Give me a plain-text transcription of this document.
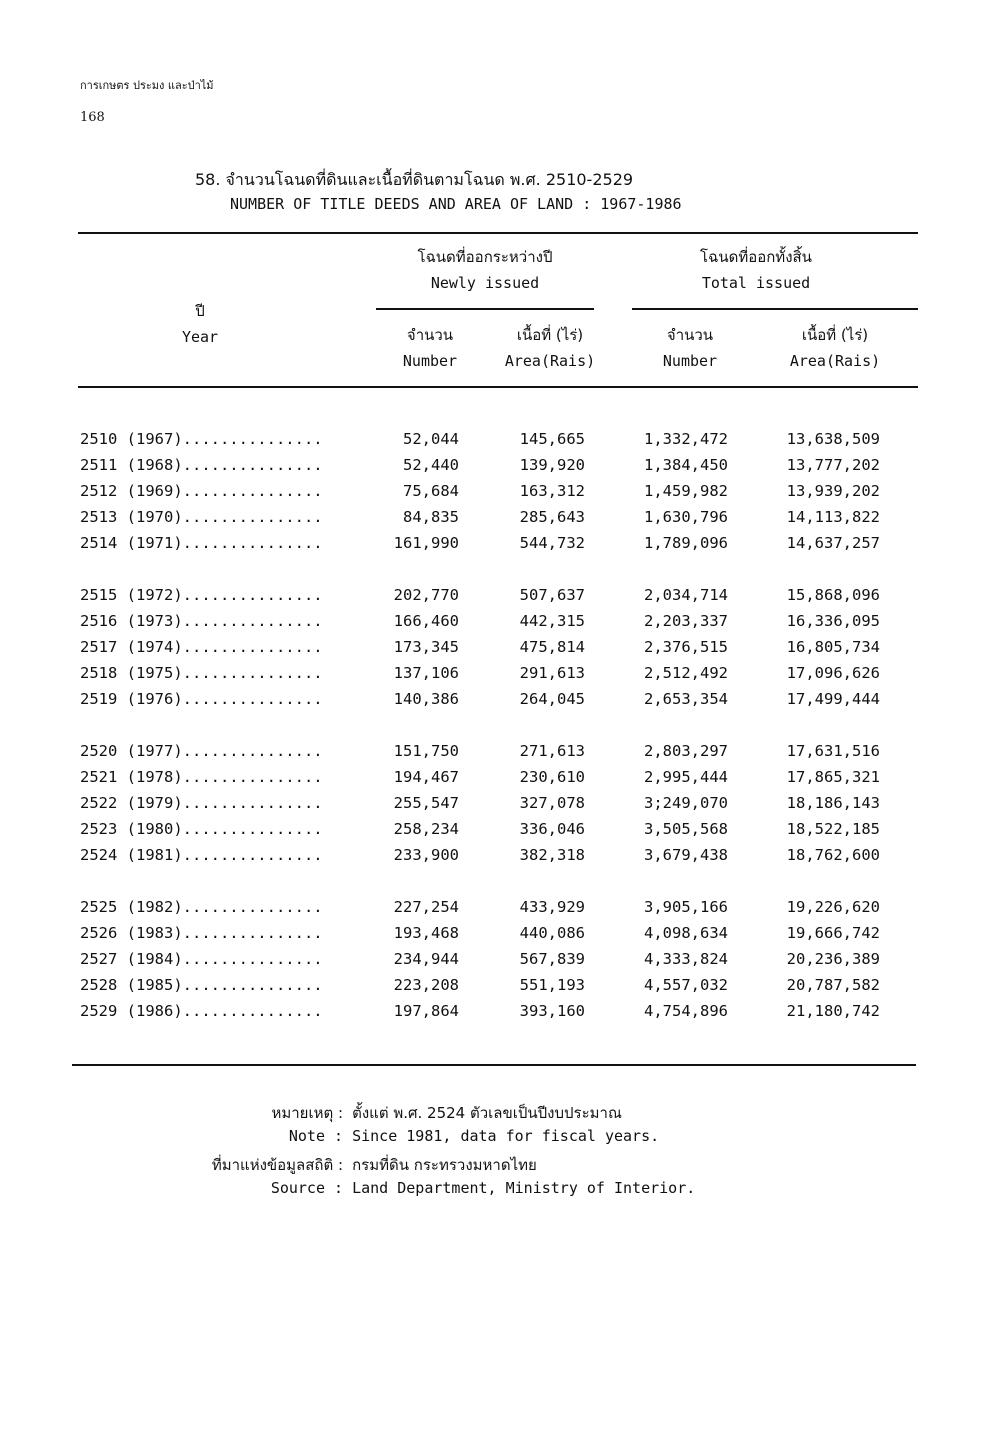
การเกษตร ประมง และป่าไม้
168
58. จำนวนโฉนดที่ดินและเนื้อที่ดินตามโฉนด พ.ศ. 2510-2529
NUMBER OF TITLE DEEDS AND AREA OF LAND : 1967-1986
ปี
Year
โฉนดที่ออกระหว่างปี
Newly issued
โฉนดที่ออกทั้งสิ้น
Total issued
จำนวน
Number
เนื้อที่ (ไร่)
Area(Rais)
จำนวน
Number
เนื้อที่ (ไร่)
Area(Rais)
2510 (1967)...............	52,044	145,665	1,332,472	13,638,509
2511 (1968)...............	52,440	139,920	1,384,450	13,777,202
2512 (1969)...............	75,684	163,312	1,459,982	13,939,202
2513 (1970)...............	84,835	285,643	1,630,796	14,113,822
2514 (1971)...............	161,990	544,732	1,789,096	14,637,257
2515 (1972)...............	202,770	507,637	2,034,714	15,868,096
2516 (1973)...............	166,460	442,315	2,203,337	16,336,095
2517 (1974)...............	173,345	475,814	2,376,515	16,805,734
2518 (1975)...............	137,106	291,613	2,512,492	17,096,626
2519 (1976)...............	140,386	264,045	2,653,354	17,499,444
2520 (1977)...............	151,750	271,613	2,803,297	17,631,516
2521 (1978)...............	194,467	230,610	2,995,444	17,865,321
2522 (1979)...............	255,547	327,078	3;249,070	18,186,143
2523 (1980)...............	258,234	336,046	3,505,568	18,522,185
2524 (1981)...............	233,900	382,318	3,679,438	18,762,600
2525 (1982)...............	227,254	433,929	3,905,166	19,226,620
2526 (1983)...............	193,468	440,086	4,098,634	19,666,742
2527 (1984)...............	234,944	567,839	4,333,824	20,236,389
2528 (1985)...............	223,208	551,193	4,557,032	20,787,582
2529 (1986)...............	197,864	393,160	4,754,896	21,180,742

หมายเหตุ : ตั้งแต่ พ.ศ. 2524 ตัวเลขเป็นปีงบประมาณ

Note : Since 1981, data for fiscal years.

ที่มาแห่งข้อมูลสถิติ : กรมที่ดิน กระทรวงมหาดไทย

Source : Land Department, Ministry of Interior.
